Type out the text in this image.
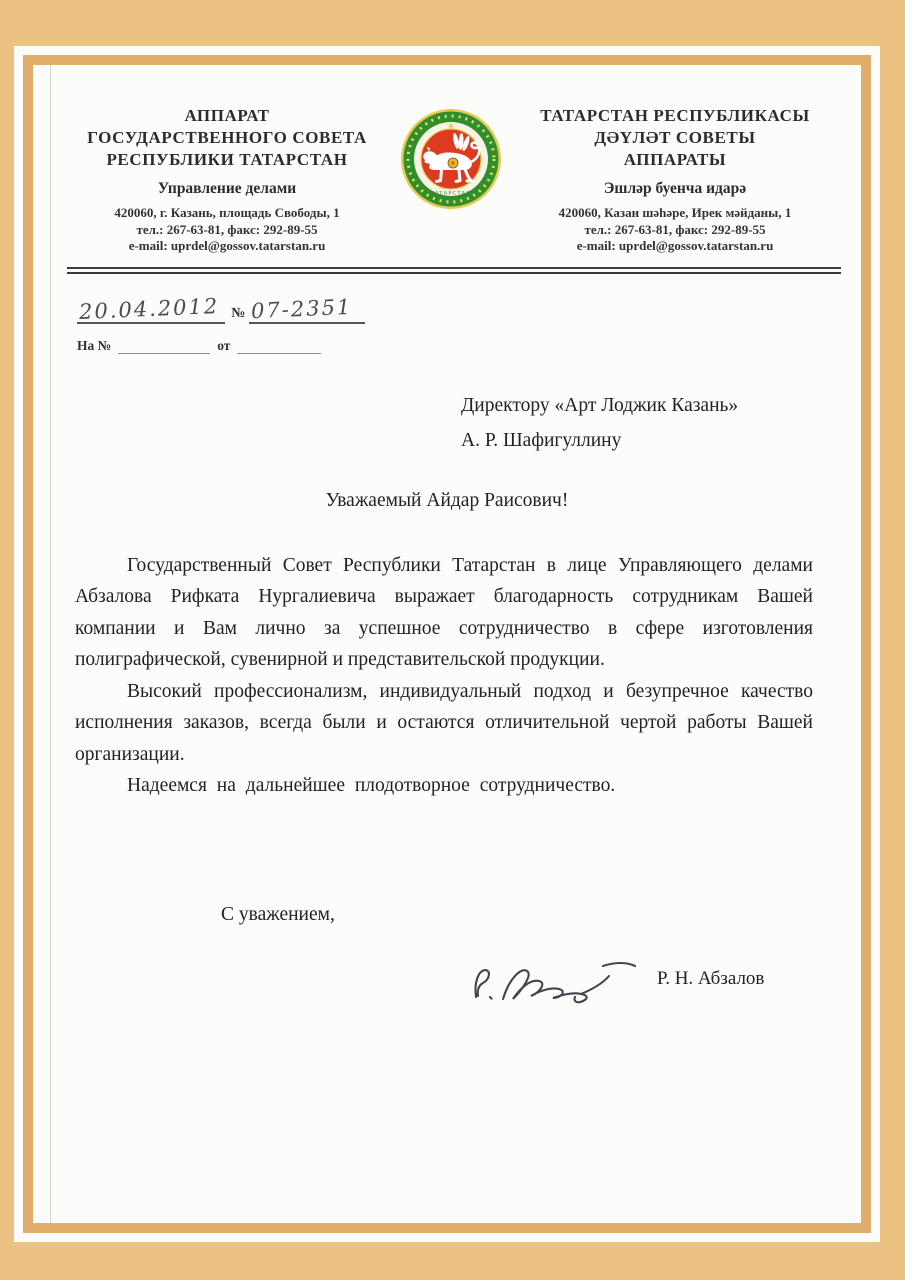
АППАРАТ
ГОСУДАРСТВЕННОГО СОВЕТА
РЕСПУБЛИКИ ТАТАРСТАН
Управление делами
420060, г. Казань, площадь Свободы, 1
тел.: 267-63-81, факс: 292-89-55
e-mail: uprdel@gossov.tatarstan.ru
ТАТАРСТАН
ТАТАРСТАН РЕСПУБЛИКАСЫ
ДӘҮЛӘТ СОВЕТЫ
АППАРАТЫ
Эшләр буенча идарә
420060, Казан шәһәре, Ирек мәйданы, 1
тел.: 267-63-81, факс: 292-89-55
e-mail: uprdel@gossov.tatarstan.ru
20.04.2012 № 07-2351
На №	от
Директору «Арт Лоджик Казань»
А. Р. Шафигуллину
Уважаемый Айдар Раисович!

Государственный Совет Республики Татарстан в лице Управляющего делами Абзалова Рифката Нургалиевича выражает благодарность сотрудникам Вашей компании и Вам лично за успешное сотрудничество в сфере изготовления полиграфической, сувенирной и представительской продукции.

Высокий профессионализм, индивидуальный подход и безупречное качество исполнения заказов, всегда были и остаются отличительной чертой работы Вашей организации.

Надеемся на дальнейшее плодотворное сотрудничество.

С уважением,
Р. Н. Абзалов
